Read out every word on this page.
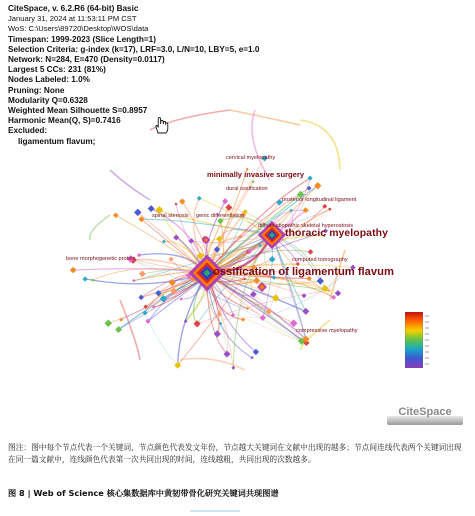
CiteSpace, v. 6.2.R6 (64-bit) Basic
January 31, 2024 at 11:53:11 PM CST
WoS: C:\Users\89720\Desktop\WOS\data
Timespan: 1999-2023 (Slice Length=1)
Selection Criteria: g-index (k=17), LRF=3.0, L/N=10, LBY=5, e=1.0
Network: N=284, E=470 (Density=0.0117)
Largest 5 CCs: 231 (81%)
Nodes Labeled: 1.0%
Pruning: None
Modularity Q=0.6328
Weighted Mean Silhouette S=0.8957
Harmonic Mean(Q, S)=0.7416
Excluded:
ligamentum flavum;
cervical myelopathy
minimally invasive surgery
dural ossification
posterior longitudinal ligament
spinal stenosis genic differentiation
diffuse idiopathic skeletal hyperostosis
thoracic myelopathy
bone morphogenetic protein	computed tomography
ossification of ligamentum flavum
compressive myelopathy
CiteSpace
图注：图中每个节点代表一个关键词，节点颜色代表发文年份，节点越大关键词在文献中出现的越多；节点间连线代表两个关键词出现在同一篇文献中，连线颜色代表第一次共同出现的时间，连线越粗，共同出现的次数越多。
图 8 | Web of Science 核心集数据库中黄韧带骨化研究关键词共现图谱
